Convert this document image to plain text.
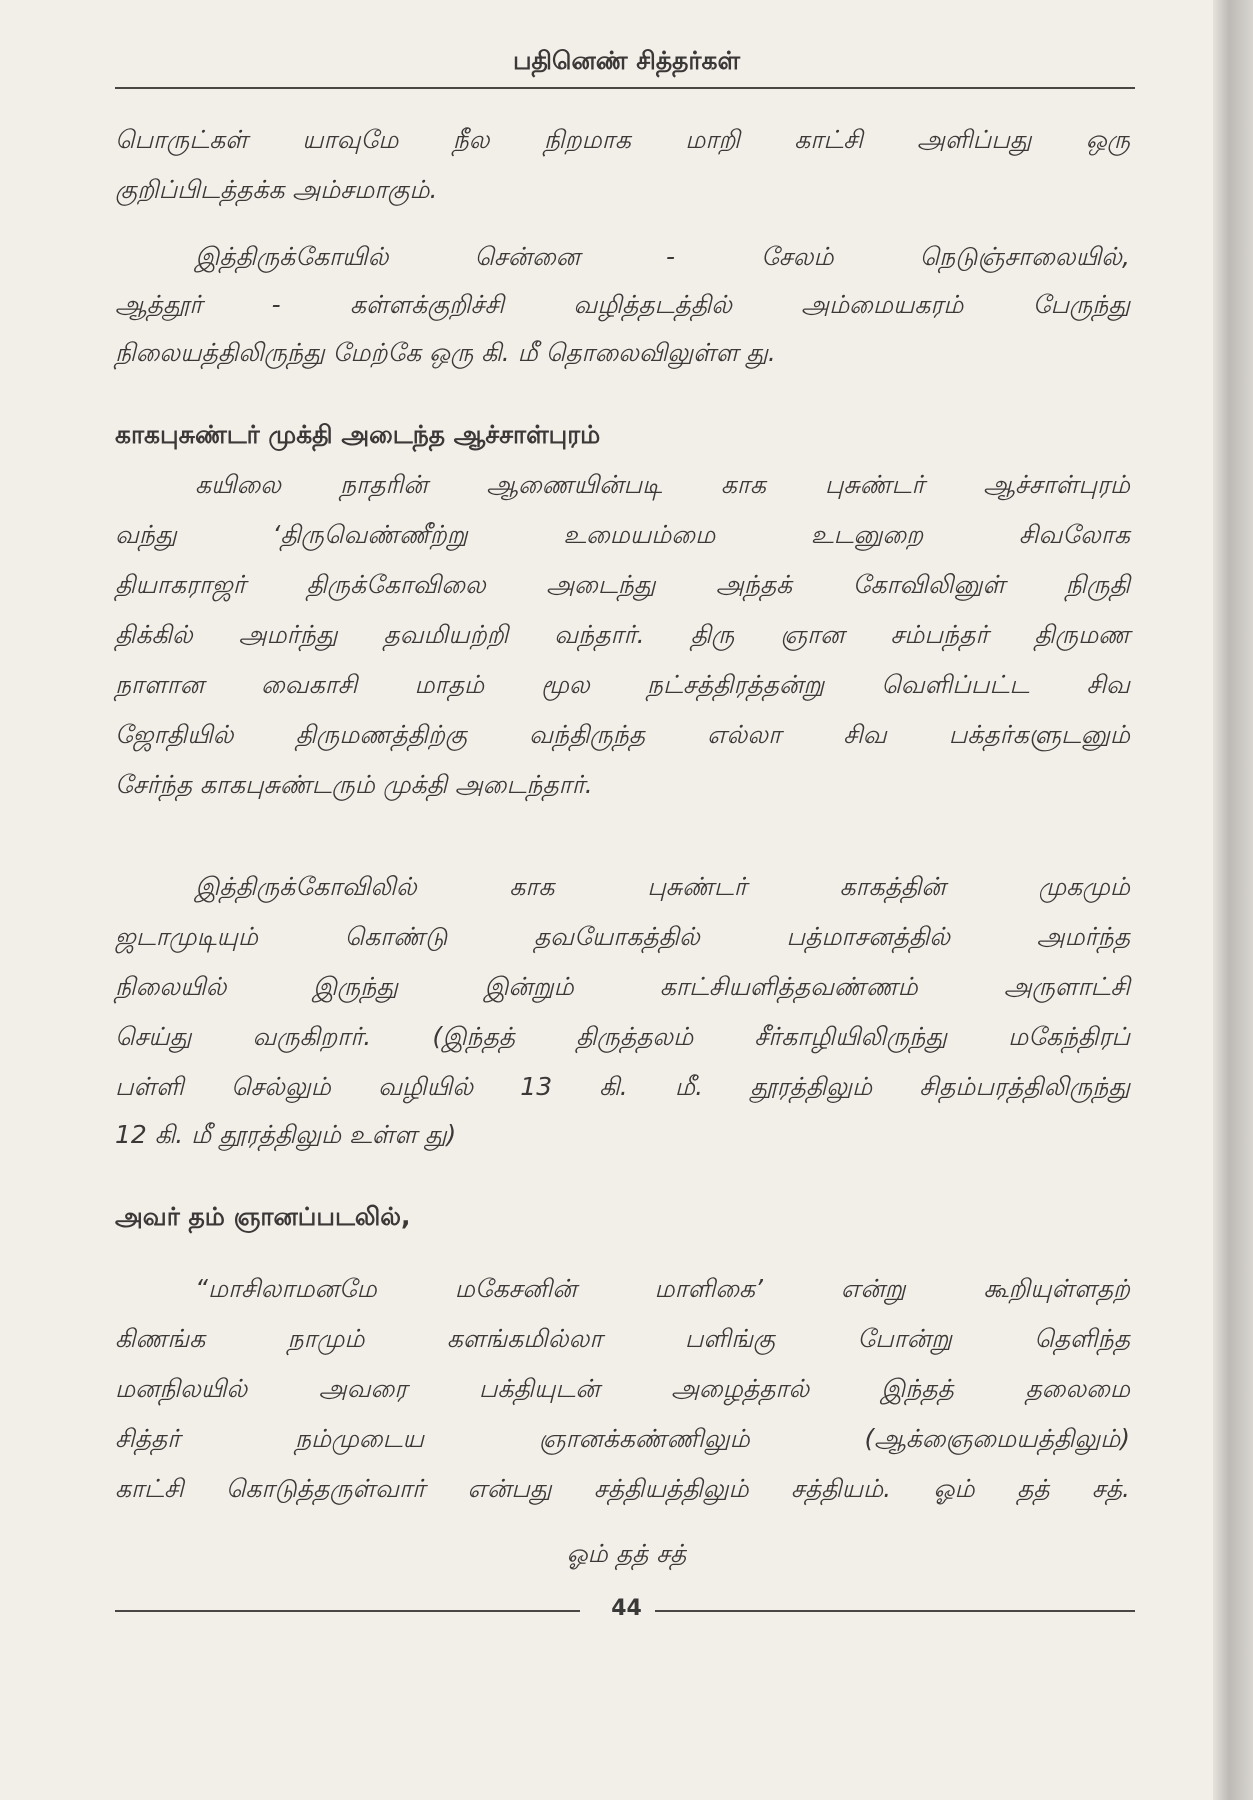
பதினெண் சித்தர்கள்
பொருட்கள் யாவுமே நீல நிறமாக மாறி காட்சி அளிப்பது ஒரு
குறிப்பிடத்தக்க அம்சமாகும்.
இத்திருக்கோயில் சென்னை - சேலம் நெடுஞ்சாலையில்,
ஆத்தூர் - கள்ளக்குறிச்சி வழித்தடத்தில் அம்மையகரம் பேருந்து
நிலையத்திலிருந்து மேற்கே ஒரு கி. மீ தொலைவிலுள்ள து.
காகபுசுண்டர் முக்தி அடைந்த ஆச்சாள்புரம்
கயிலை நாதரின் ஆணையின்படி காக புசுண்டர் ஆச்சாள்புரம்
வந்து ‘திருவெண்ணீற்று உமையம்மை உடனுறை சிவலோக
தியாகராஜர் திருக்கோவிலை அடைந்து அந்தக் கோவிலினுள் நிருதி
திக்கில் அமர்ந்து தவமியற்றி வந்தார். திரு ஞான சம்பந்தர் திருமண
நாளான வைகாசி மாதம் மூல நட்சத்திரத்தன்று வெளிப்பட்ட சிவ
ஜோதியில் திருமணத்திற்கு வந்திருந்த எல்லா சிவ பக்தர்களுடனும்
சேர்ந்த காகபுசுண்டரும் முக்தி அடைந்தார்.
இத்திருக்கோவிலில் காக புசுண்டர் காகத்தின் முகமும்
ஜடாமுடியும் கொண்டு தவயோகத்தில் பத்மாசனத்தில் அமர்ந்த
நிலையில் இருந்து இன்றும் காட்சியளித்தவண்ணம் அருளாட்சி
செய்து வருகிறார். (இந்தத் திருத்தலம் சீர்காழியிலிருந்து மகேந்திரப்
பள்ளி செல்லும் வழியில் 13 கி. மீ. தூரத்திலும் சிதம்பரத்திலிருந்து
12 கி. மீ தூரத்திலும் உள்ள து)
அவர் தம் ஞானப்படலில்,
“மாசிலாமனமே மகேசனின் மாளிகை’ என்று கூறியுள்ளதற்
கிணங்க நாமும் களங்கமில்லா பளிங்கு போன்று தெளிந்த
மனநிலயில் அவரை பக்தியுடன் அழைத்தால் இந்தத் தலைமை
சித்தர் நம்முடைய ஞானக்கண்ணிலும் (ஆக்ஞைமையத்திலும்)
காட்சி கொடுத்தருள்வார் என்பது சத்தியத்திலும் சத்தியம். ஓம் தத் சத்.
ஓம் தத் சத்
44
